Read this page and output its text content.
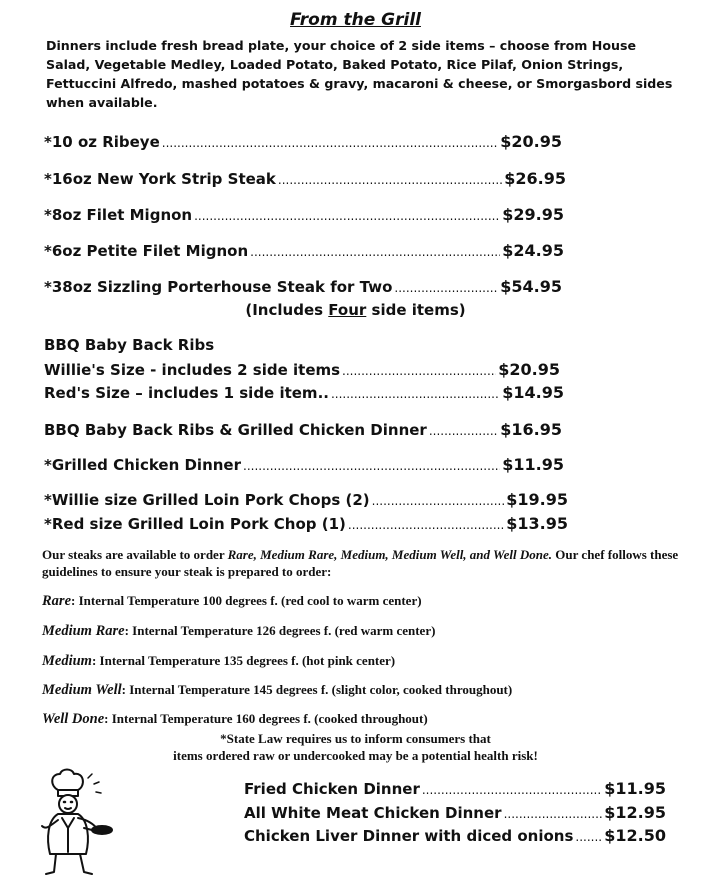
From the Grill
Dinners include fresh bread plate, your choice of 2 side items – choose from House Salad, Vegetable Medley, Loaded Potato, Baked Potato, Rice Pilaf, Onion Strings, Fettuccini Alfredo, mashed potatoes & gravy, macaroni & cheese, or Smorgasbord sides when available.
*10 oz Ribeye .....	$20.95
*16oz New York Strip Steak .....	$26.95
*8oz Filet Mignon .....	$29.95
*6oz Petite Filet Mignon .....	$24.95
*38oz Sizzling Porterhouse Steak for Two .....	$54.95
(Includes Four side items)
BBQ Baby Back Ribs
Willie's Size - includes 2 side items .....	$20.95
Red's Size – includes 1 side item.. .....	$14.95
BBQ Baby Back Ribs & Grilled Chicken Dinner .....	$16.95
*Grilled Chicken Dinner .....	$11.95
*Willie size Grilled Loin Pork Chops (2) .....	$19.95
*Red size Grilled Loin Pork Chop (1) .....	$13.95
Our steaks are available to order Rare, Medium Rare, Medium, Medium Well, and Well Done. Our chef follows these guidelines to ensure your steak is prepared to order:
Rare: Internal Temperature 100 degrees f. (red cool to warm center)
Medium Rare: Internal Temperature 126 degrees f. (red warm center)
Medium: Internal Temperature 135 degrees f. (hot pink center)
Medium Well: Internal Temperature 145 degrees f. (slight color, cooked throughout)
Well Done: Internal Temperature 160 degrees f. (cooked throughout)
*State Law requires us to inform consumers that
items ordered raw or undercooked may be a potential health risk!
Fried Chicken Dinner .....	$11.95
All White Meat Chicken Dinner .....	$12.95
Chicken Liver Dinner with diced onions ..... $12.50
